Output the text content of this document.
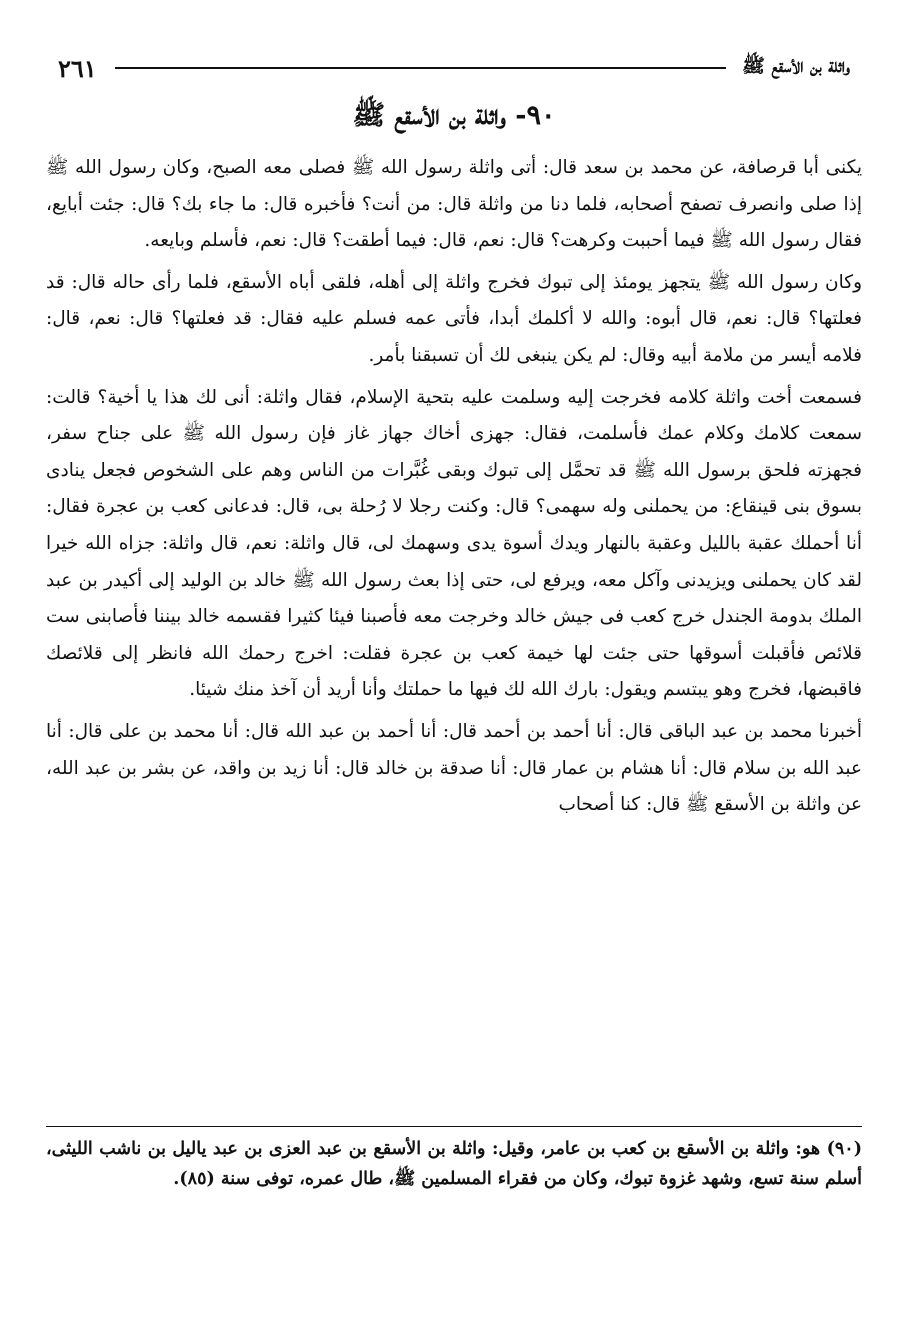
واثلة بن الأسقع ﷺ
٢٦١
٩٠- واثلة بن الأسقع ﷺ

يكنى أبا قرصافة، عن محمد بن سعد قال: أتى واثلة رسول الله ﷺ فصلى معه الصبح، وكان رسول الله ﷺ إذا صلى وانصرف تصفح أصحابه، فلما دنا من واثلة قال: من أنت؟ فأخبره قال: ما جاء بك؟ قال: جئت أبايع، فقال رسول الله ﷺ فيما أحببت وكرهت؟ قال: نعم، قال: فيما أطقت؟ قال: نعم، فأسلم وبايعه.

وكان رسول الله ﷺ يتجهز يومئذ إلى تبوك فخرج واثلة إلى أهله، فلقى أباه الأسقع، فلما رأى حاله قال: قد فعلتها؟ قال: نعم، قال أبوه: والله لا أكلمك أبدا، فأتى عمه فسلم عليه فقال: قد فعلتها؟ قال: نعم، قال: فلامه أيسر من ملامة أبيه وقال: لم يكن ينبغى لك أن تسبقنا بأمر.

فسمعت أخت واثلة كلامه فخرجت إليه وسلمت عليه بتحية الإسلام، فقال واثلة: أنى لك هذا يا أخية؟ قالت: سمعت كلامك وكلام عمك فأسلمت، فقال: جهزى أخاك جهاز غاز فإن رسول الله ﷺ على جناح سفر، فجهزته فلحق برسول الله ﷺ قد تحمَّل إلى تبوك وبقى غُبَّرات من الناس وهم على الشخوص فجعل ينادى بسوق بنى قينقاع: من يحملنى وله سهمى؟ قال: وكنت رجلا لا رُحلة بى، قال: فدعانى كعب بن عجرة فقال: أنا أحملك عقبة بالليل وعقبة بالنهار ويدك أسوة يدى وسهمك لى، قال واثلة: نعم، قال واثلة: جزاه الله خيرا لقد كان يحملنى ويزيدنى وآكل معه، ويرفع لى، حتى إذا بعث رسول الله ﷺ خالد بن الوليد إلى أكيدر بن عبد الملك بدومة الجندل خرج كعب فى جيش خالد وخرجت معه فأصبنا فيئا كثيرا فقسمه خالد بيننا فأصابنى ست قلائص فأقبلت أسوقها حتى جئت لها خيمة كعب بن عجرة فقلت: اخرج رحمك الله فانظر إلى قلائصك فاقبضها، فخرج وهو يبتسم ويقول: بارك الله لك فيها ما حملتك وأنا أريد أن آخذ منك شيئا.

أخبرنا محمد بن عبد الباقى قال: أنا أحمد بن أحمد قال: أنا أحمد بن عبد الله قال: أنا محمد بن على قال: أنا عبد الله بن سلام قال: أنا هشام بن عمار قال: أنا صدقة بن خالد قال: أنا زيد بن واقد، عن بشر بن عبد الله، عن واثلة بن الأسقع ﷺ قال: كنا أصحاب

(٩٠) هو: واثلة بن الأسقع بن كعب بن عامر، وقيل: واثلة بن الأسقع بن عبد العزى بن عبد ياليل بن ناشب الليثى، أسلم سنة تسع، وشهد غزوة تبوك، وكان من فقراء المسلمين ﷺ، طال عمره، توفى سنة (٨٥).
